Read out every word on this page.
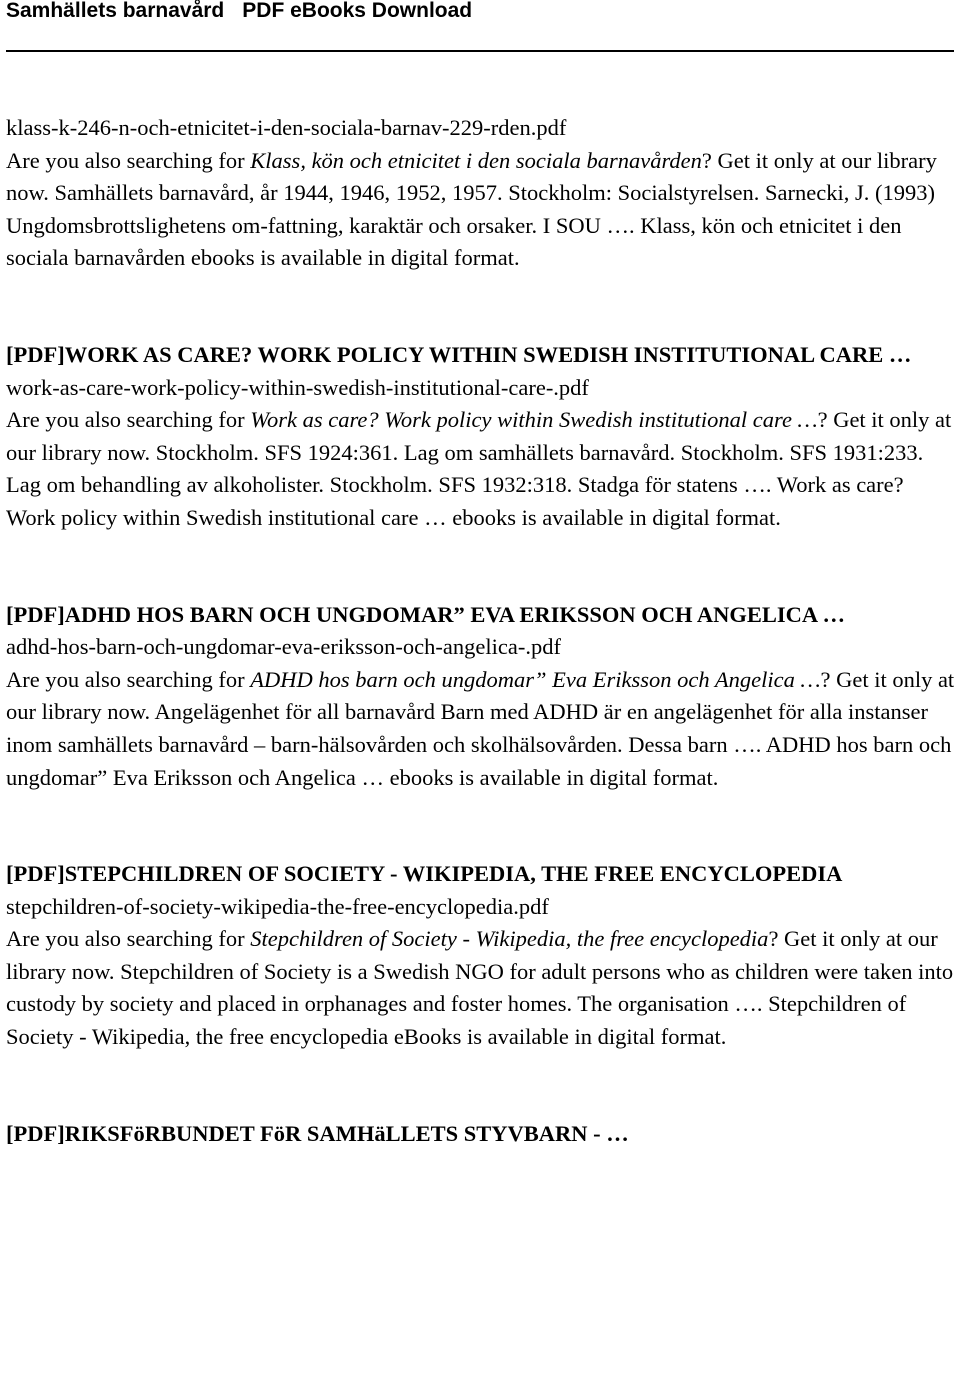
Samhällets barnavård PDF eBooks Download

klass-k-246-n-och-etnicitet-i-den-sociala-barnav-229-rden.pdf

Are you also searching for Klass, kön och etnicitet i den sociala barnavården? Get it only at our library now. Samhällets barnavård, år 1944, 1946, 1952, 1957. Stockholm: Socialstyrelsen. Sarnecki, J. (1993) Ungdomsbrottslighetens om-fattning, karaktär och orsaker. I SOU …. Klass, kön och etnicitet i den sociala barnavården ebooks is available in digital format.

[PDF]WORK AS CARE? WORK POLICY WITHIN SWEDISH INSTITUTIONAL CARE …

work-as-care-work-policy-within-swedish-institutional-care-.pdf

Are you also searching for Work as care? Work policy within Swedish institutional care …? Get it only at our library now. Stockholm. SFS 1924:361. Lag om samhällets barnavård. Stockholm. SFS 1931:233. Lag om behandling av alkoholister. Stockholm. SFS 1932:318. Stadga för statens …. Work as care? Work policy within Swedish institutional care … ebooks is available in digital format.

[PDF]ADHD HOS BARN OCH UNGDOMAR” EVA ERIKSSON OCH ANGELICA …

adhd-hos-barn-och-ungdomar-eva-eriksson-och-angelica-.pdf

Are you also searching for ADHD hos barn och ungdomar” Eva Eriksson och Angelica …? Get it only at our library now. Angelägenhet för all barnavård Barn med ADHD är en angelägenhet för alla instanser inom samhällets barnavård – barn-hälsovården och skolhälsovården. Dessa barn …. ADHD hos barn och ungdomar” Eva Eriksson och Angelica … ebooks is available in digital format.

[PDF]STEPCHILDREN OF SOCIETY - WIKIPEDIA, THE FREE ENCYCLOPEDIA

stepchildren-of-society-wikipedia-the-free-encyclopedia.pdf

Are you also searching for Stepchildren of Society - Wikipedia, the free encyclopedia? Get it only at our library now. Stepchildren of Society is a Swedish NGO for adult persons who as children were taken into custody by society and placed in orphanages and foster homes. The organisation …. Stepchildren of Society - Wikipedia, the free encyclopedia eBooks is available in digital format.

[PDF]RIKSFöRBUNDET FöR SAMHäLLETS STYVBARN - …
